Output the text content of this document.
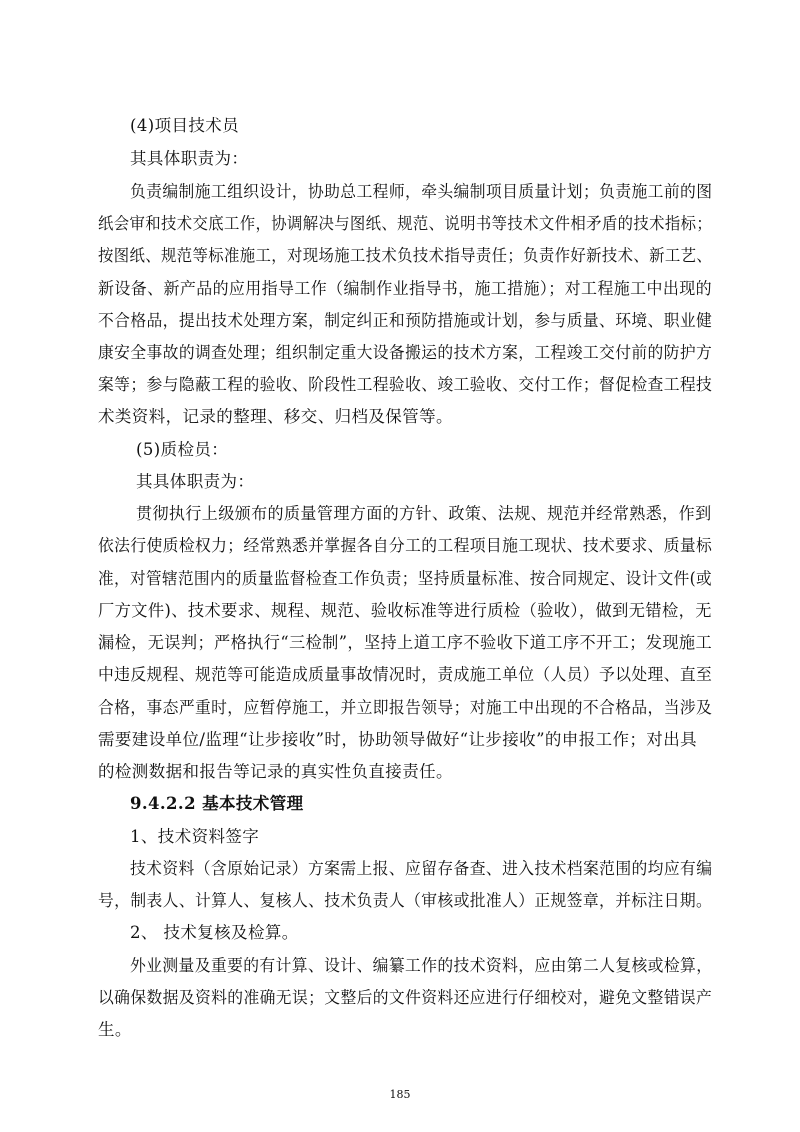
(4)项目技术员
其具体职责为：
负责编制施工组织设计，协助总工程师，牵头编制项目质量计划；负责施工前的图
纸会审和技术交底工作，协调解决与图纸、规范、说明书等技术文件相矛盾的技术指标；
按图纸、规范等标准施工，对现场施工技术负技术指导责任；负责作好新技术、新工艺、
新设备、新产品的应用指导工作（编制作业指导书，施工措施）；对工程施工中出现的
不合格品，提出技术处理方案，制定纠正和预防措施或计划，参与质量、环境、职业健
康安全事故的调查处理；组织制定重大设备搬运的技术方案，工程竣工交付前的防护方
案等；参与隐蔽工程的验收、阶段性工程验收、竣工验收、交付工作；督促检查工程技
术类资料，记录的整理、移交、归档及保管等。
(5)质检员：
其具体职责为：
贯彻执行上级颁布的质量管理方面的方针、政策、法规、规范并经常熟悉，作到
依法行使质检权力；经常熟悉并掌握各自分工的工程项目施工现状、技术要求、质量标
准，对管辖范围内的质量监督检查工作负责；坚持质量标准、按合同规定、设计文件(或
厂方文件)、技术要求、规程、规范、验收标准等进行质检（验收），做到无错检，无
漏检，无误判；严格执行“三检制”，坚持上道工序不验收下道工序不开工；发现施工
中违反规程、规范等可能造成质量事故情况时，责成施工单位（人员）予以处理、直至
合格，事态严重时，应暂停施工，并立即报告领导；对施工中出现的不合格品，当涉及
需要建设单位/监理“让步接收”时，协助领导做好“让步接收”的申报工作；对出具
的检测数据和报告等记录的真实性负直接责任。
9.4.2.2 基本技术管理
1、技术资料签字
技术资料（含原始记录）方案需上报、应留存备查、进入技术档案范围的均应有编
号，制表人、计算人、复核人、技术负责人（审核或批准人）正规签章，并标注日期。
2、 技术复核及检算。
外业测量及重要的有计算、设计、编纂工作的技术资料，应由第二人复核或检算，
以确保数据及资料的准确无误；文整后的文件资料还应进行仔细校对，避免文整错误产
生。
185
